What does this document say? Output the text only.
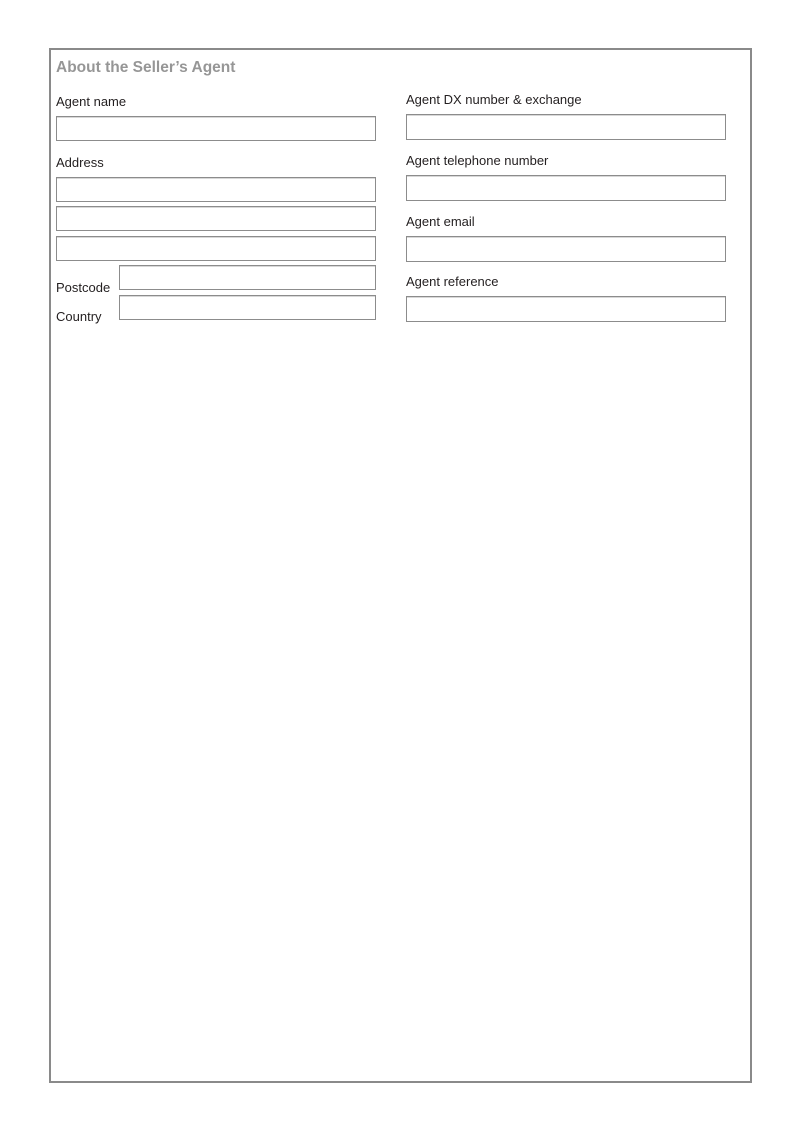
About the Seller’s Agent
Agent name
Address
Postcode
Country
Agent DX number & exchange
Agent telephone number
Agent email
Agent reference
